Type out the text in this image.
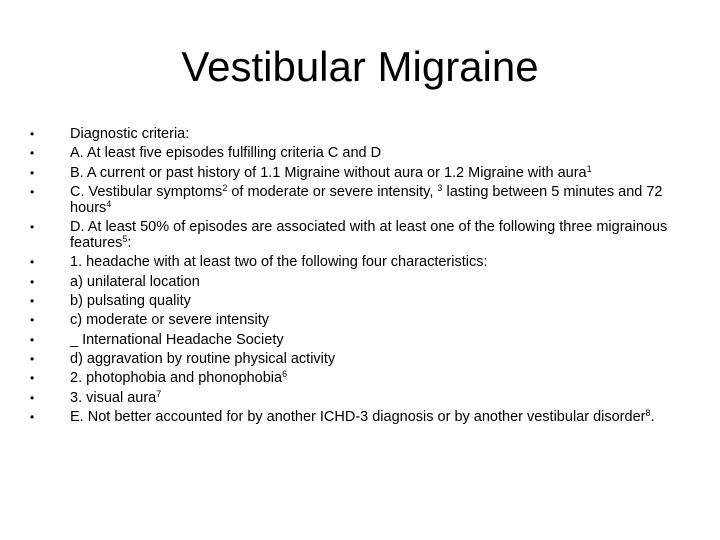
Vestibular Migraine
• Diagnostic criteria:
• A. At least five episodes fulfilling criteria C and D
• B. A current or past history of 1.1 Migraine without aura or 1.2 Migraine with aura$^1$
• C. Vestibular symptoms$^2$ of moderate or severe intensity, $^3$ lasting between 5 minutes and 72 hours$^4$
• D. At least 50% of episodes are associated with at least one of the following three migrainous features$^5$:
• 1. headache with at least two of the following four characteristics:
• a) unilateral location
• b) pulsating quality
• c) moderate or severe intensity
• _ International Headache Society
• d) aggravation by routine physical activity
• 2. photophobia and phonophobia$^6$
• 3. visual aura$^7$
• E. Not better accounted for by another ICHD-3 diagnosis or by another vestibular disorder$^8$.
